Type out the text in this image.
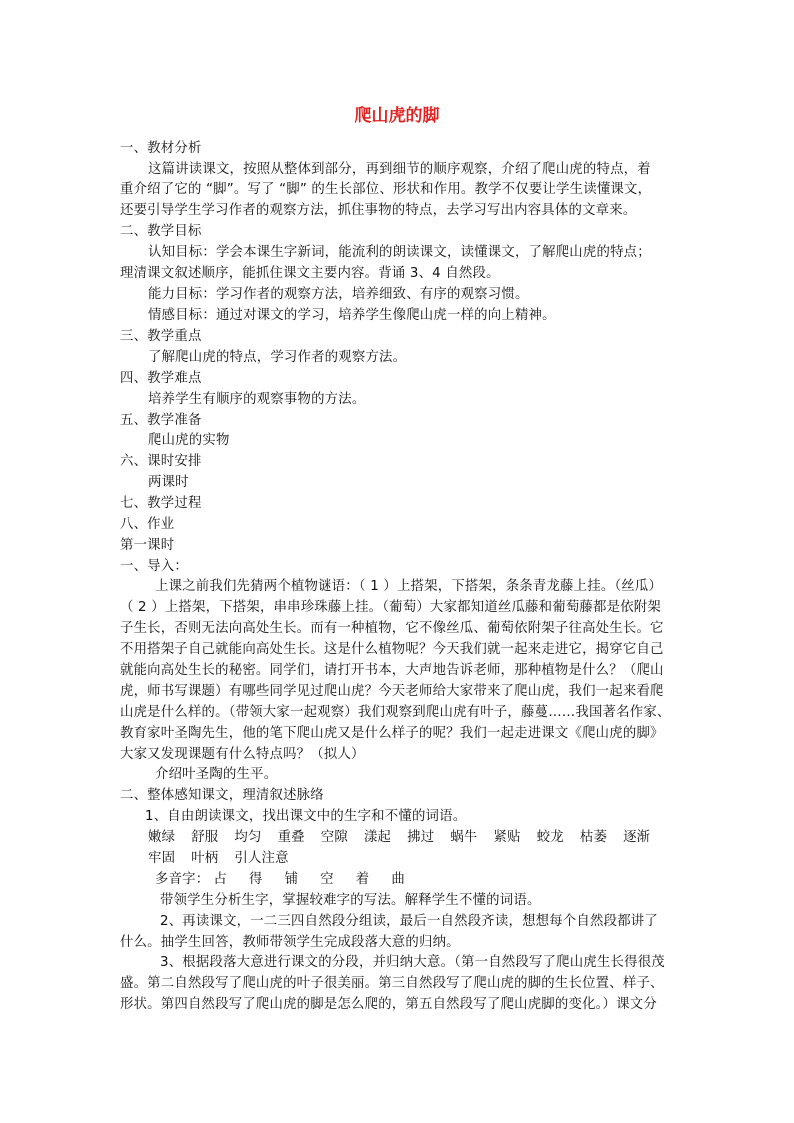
爬山虎的脚
一、教材分析
这篇讲读课文，按照从整体到部分，再到细节的顺序观察，介绍了爬山虎的特点，着
重介绍了它的 “脚”。写了 “脚” 的生长部位、形状和作用。教学不仅要让学生读懂课文，
还要引导学生学习作者的观察方法，抓住事物的特点，去学习写出内容具体的文章来。
二、教学目标
认知目标：学会本课生字新词，能流利的朗读课文，读懂课文，了解爬山虎的特点；
理清课文叙述顺序，能抓住课文主要内容。背诵 3、4 自然段。
能力目标：学习作者的观察方法，培养细致、有序的观察习惯。
情感目标：通过对课文的学习，培养学生像爬山虎一样的向上精神。
三、教学重点
了解爬山虎的特点，学习作者的观察方法。
四、教学难点
培养学生有顺序的观察事物的方法。
五、教学准备
爬山虎的实物
六、课时安排
两课时
七、教学过程
八、作业
第一课时
一、导入：
上课之前我们先猜两个植物谜语：（ 1 ）上搭架，下搭架，条条青龙藤上挂。（丝瓜）
（ 2 ）上搭架，下搭架，串串珍珠藤上挂。（葡萄）大家都知道丝瓜藤和葡萄藤都是依附架
子生长，否则无法向高处生长。而有一种植物，它不像丝瓜、葡萄依附架子往高处生长。它
不用搭架子自己就能向高处生长。这是什么植物呢？今天我们就一起来走进它，揭穿它自己
就能向高处生长的秘密。同学们，请打开书本，大声地告诉老师，那种植物是什么？（爬山
虎，师书写课题）有哪些同学见过爬山虎？今天老师给大家带来了爬山虎，我们一起来看爬
山虎是什么样的。（带领大家一起观察）我们观察到爬山虎有叶子，藤蔓……我国著名作家、
教育家叶圣陶先生，他的笔下爬山虎又是什么样子的呢？我们一起走进课文《爬山虎的脚》
大家又发现课题有什么特点吗？（拟人）
介绍叶圣陶的生平。
二、整体感知课文，理清叙述脉络
1、自由朗读课文，找出课文中的生字和不懂的词语。
嫩绿 舒服 均匀 重叠 空隙 漾起 拂过 蜗牛 紧贴 蛟龙 枯萎 逐渐
牢固 叶柄 引人注意
多音字： 占 得 铺 空 着 曲
带领学生分析生字，掌握较难字的写法。解释学生不懂的词语。
2、再读课文，一二三四自然段分组读，最后一自然段齐读，想想每个自然段都讲了
什么。抽学生回答，教师带领学生完成段落大意的归纳。
3、根据段落大意进行课文的分段，并归纳大意。（第一自然段写了爬山虎生长得很茂
盛。第二自然段写了爬山虎的叶子很美丽。第三自然段写了爬山虎的脚的生长位置、样子、
形状。第四自然段写了爬山虎的脚是怎么爬的，第五自然段写了爬山虎脚的变化。）课文分
